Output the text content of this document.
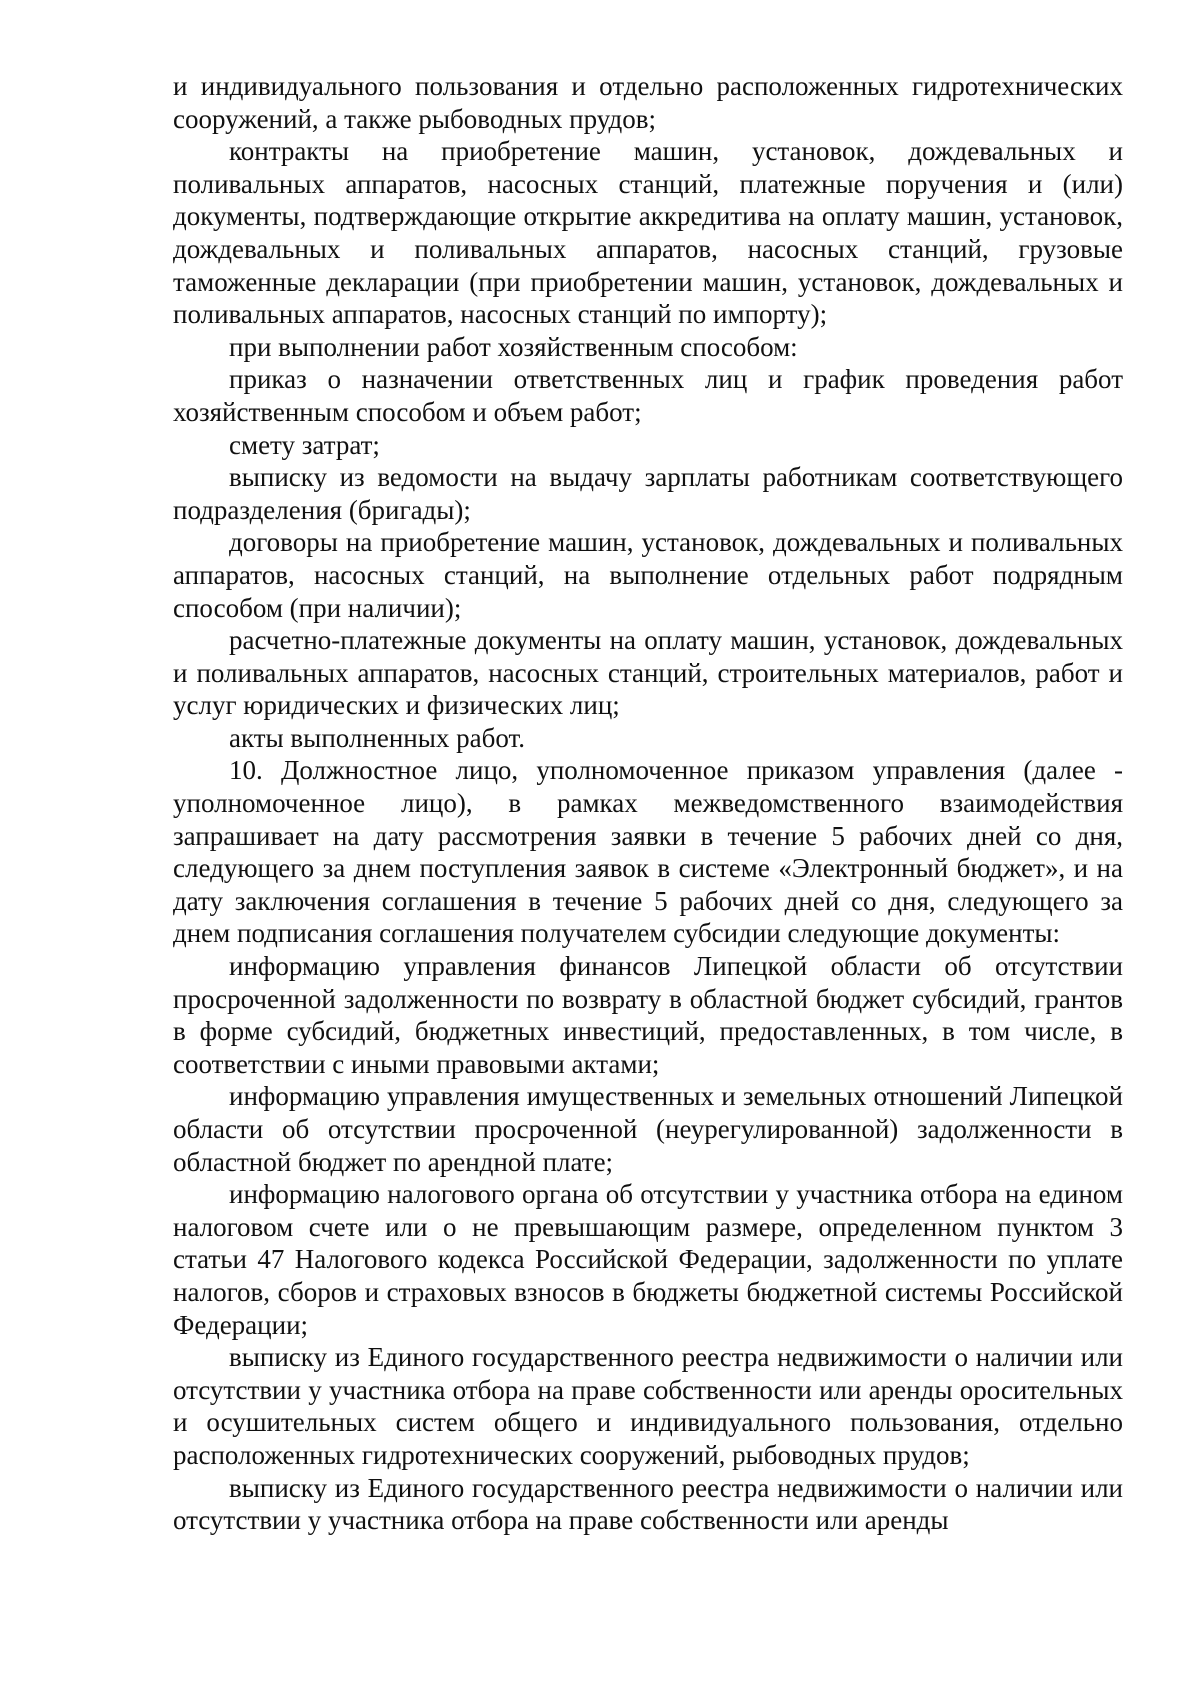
и индивидуального пользования и отдельно расположенных гидротехнических сооружений, а также рыбоводных прудов;

контракты на приобретение машин, установок, дождевальных и поливальных аппаратов, насосных станций, платежные поручения и (или) документы, подтверждающие открытие аккредитива на оплату машин, установок, дождевальных и поливальных аппаратов, насосных станций, грузовые таможенные декларации (при приобретении машин, установок, дождевальных и поливальных аппаратов, насосных станций по импорту);

при выполнении работ хозяйственным способом:

приказ о назначении ответственных лиц и график проведения работ хозяйственным способом и объем работ;

смету затрат;

выписку из ведомости на выдачу зарплаты работникам соответствующего подразделения (бригады);

договоры на приобретение машин, установок, дождевальных и поливальных аппаратов, насосных станций, на выполнение отдельных работ подрядным способом (при наличии);

расчетно-платежные документы на оплату машин, установок, дождевальных и поливальных аппаратов, насосных станций, строительных материалов, работ и услуг юридических и физических лиц;

акты выполненных работ.

10. Должностное лицо, уполномоченное приказом управления (далее - уполномоченное лицо), в рамках межведомственного взаимодействия запрашивает на дату рассмотрения заявки в течение 5 рабочих дней со дня, следующего за днем поступления заявок в системе «Электронный бюджет», и на дату заключения соглашения в течение 5 рабочих дней со дня, следующего за днем подписания соглашения получателем субсидии следующие документы:

информацию управления финансов Липецкой области об отсутствии просроченной задолженности по возврату в областной бюджет субсидий, грантов в форме субсидий, бюджетных инвестиций, предоставленных, в том числе, в соответствии с иными правовыми актами;

информацию управления имущественных и земельных отношений Липецкой области об отсутствии просроченной (неурегулированной) задолженности в областной бюджет по арендной плате;

информацию налогового органа об отсутствии у участника отбора на едином налоговом счете или о не превышающим размере, определенном пунктом 3 статьи 47 Налогового кодекса Российской Федерации, задолженности по уплате налогов, сборов и страховых взносов в бюджеты бюджетной системы Российской Федерации;

выписку из Единого государственного реестра недвижимости о наличии или отсутствии у участника отбора на праве собственности или аренды оросительных и осушительных систем общего и индивидуального пользования, отдельно расположенных гидротехнических сооружений, рыбоводных прудов;

выписку из Единого государственного реестра недвижимости о наличии или отсутствии у участника отбора на праве собственности или аренды
